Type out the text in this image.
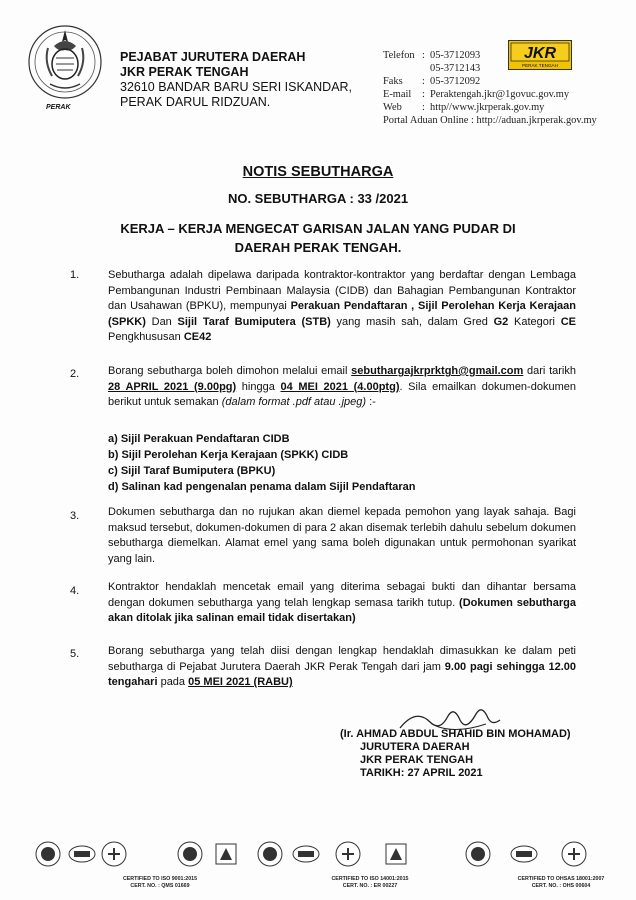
PERAK
PEJABAT JURUTERA DAERAH
JKR PERAK TENGAH
32610 BANDAR BARU SERI ISKANDAR,
PERAK DARUL RIDZUAN.
Telefon : 05-3712093
05-3712143
Faks	: 05-3712092
E-mail	: Peraktengah.jkr@1govuc.gov.my
Web	: http//www.jkrperak.gov.my
Portal Aduan Online : http://aduan.jkrperak.gov.my
JKR
PERAK TENGAH
NOTIS SEBUTHARGA
NO. SEBUTHARGA : 33 /2021
KERJA – KERJA MENGECAT GARISAN JALAN YANG PUDAR DI
DAERAH PERAK TENGAH.
1.	Sebutharga adalah dipelawa daripada kontraktor-kontraktor yang berdaftar dengan Lembaga Pembangunan Industri Pembinaan Malaysia (CIDB) dan Bahagian Pembangunan Kontraktor dan Usahawan (BPKU), mempunyai Perakuan Pendaftaran , Sijil Perolehan Kerja Kerajaan (SPKK) Dan Sijil Taraf Bumiputera (STB) yang masih sah, dalam Gred G2 Kategori CE Pengkhususan CE42
2.	Borang sebutharga boleh dimohon melalui email sebuthargajkrprktgh@gmail.com dari tarikh 28 APRIL 2021 (9.00pg) hingga 04 MEI 2021 (4.00ptg). Sila emailkan dokumen-dokumen berikut untuk semakan (dalam format .pdf atau .jpeg) :-
a) Sijil Perakuan Pendaftaran CIDB
b) Sijil Perolehan Kerja Kerajaan (SPKK) CIDB
c) Sijil Taraf Bumiputera (BPKU)
d) Salinan kad pengenalan penama dalam Sijil Pendaftaran
3.	Dokumen sebutharga dan no rujukan akan diemel kepada pemohon yang layak sahaja. Bagi maksud tersebut, dokumen-dokumen di para 2 akan disemak terlebih dahulu sebelum dokumen sebutharga diemelkan. Alamat emel yang sama boleh digunakan untuk permohonan syarikat yang lain.
4.	Kontraktor hendaklah mencetak email yang diterima sebagai bukti dan dihantar bersama dengan dokumen sebutharga yang telah lengkap semasa tarikh tutup. (Dokumen sebutharga akan ditolak jika salinan email tidak disertakan)
5.	Borang sebutharga yang telah diisi dengan lengkap hendaklah dimasukkan ke dalam peti sebutharga di Pejabat Jurutera Daerah JKR Perak Tengah dari jam 9.00 pagi sehingga 12.00 tengahari pada 05 MEI 2021 (RABU)
(Ir. AHMAD ABDUL SHAHID BIN MOHAMAD)
JURUTERA DAERAH
JKR PERAK TENGAH
TARIKH: 27 APRIL 2021
CERTIFIED TO ISO 9001:2015
CERT. NO. : QMS 01669
CERTIFIED TO ISO 14001:2015
CERT. NO. : ER 00227
CERTIFIED TO OHSAS 18001:2007
CERT. NO. : OHS 00604
